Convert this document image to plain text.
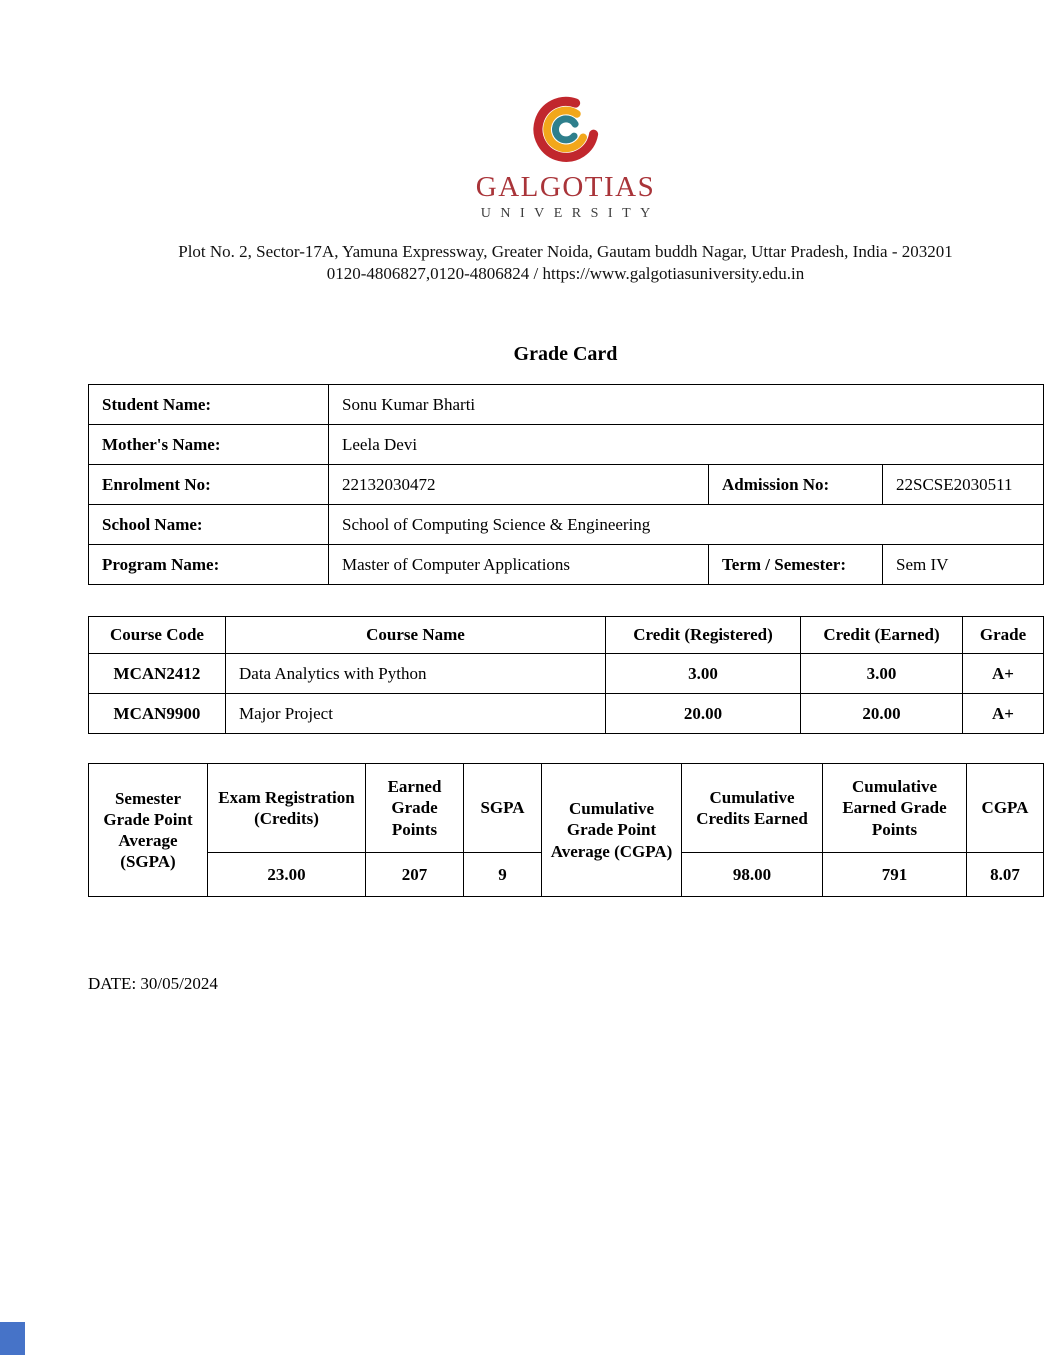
GALGOTIAS
UNIVERSITY

Plot No. 2, Sector-17A, Yamuna Expressway, Greater Noida, Gautam buddh Nagar, Uttar Pradesh, India - 203201

0120-4806827,0120-4806824 / https://www.galgotiasuniversity.edu.in

Grade Card
Student Name:	Sonu Kumar Bharti		
Mother's Name:	Leela Devi		
Enrolment No:	22132030472	Admission No:	22SCSE2030511
School Name:	School of Computing Science & Engineering		
Program Name:	Master of Computer Applications	Term / Semester:	Sem IV
Course Code	Course Name	Credit (Registered)	Credit (Earned)	Grade
MCAN2412	Data Analytics with Python	3.00	3.00	A+
MCAN9900	Major Project	20.00	20.00	A+
Semester Grade Point Average (SGPA)	Exam Registration (Credits)	Earned Grade Points	SGPA	Cumulative Grade Point Average (CGPA)	Cumulative Credits Earned	Cumulative Earned Grade Points	CGPA
	23.00	207	9		98.00	791	8.07

DATE: 30/05/2024
